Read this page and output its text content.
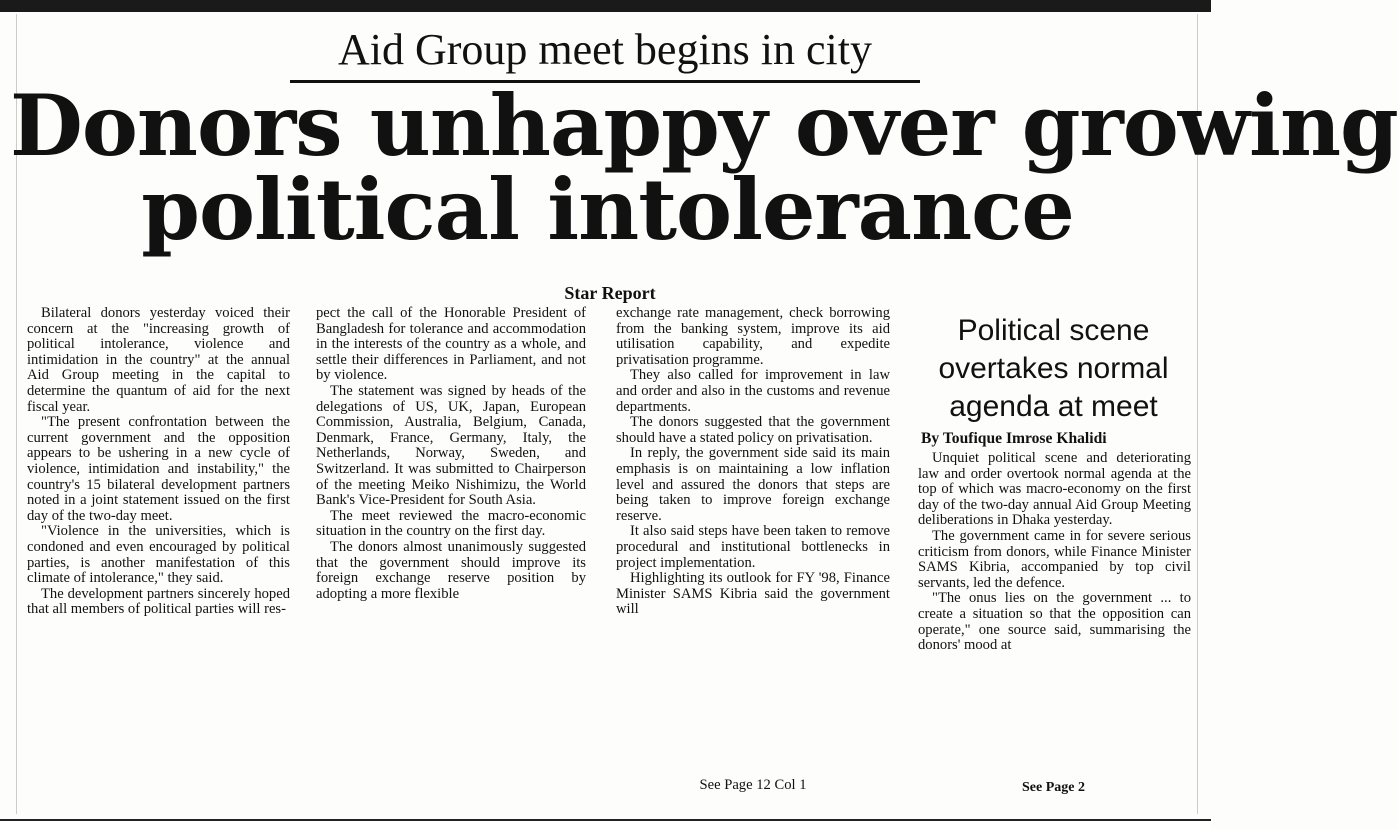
Aid Group meet begins in city
Donors unhappy over growing
political intolerance
Star Report

Bilateral donors yesterday voiced their concern at the "increasing growth of political intolerance, violence and intimidation in the country" at the annual Aid Group meeting in the capital to determine the quantum of aid for the next fiscal year.

"The present confrontation between the current government and the opposition appears to be ushering in a new cycle of violence, intimidation and instability," the country's 15 bilateral development partners noted in a joint statement issued on the first day of the two-day meet.

"Violence in the universities, which is condoned and even encouraged by political parties, is another manifestation of this climate of intolerance," they said.

The development partners sincerely hoped that all members of political parties will res-

pect the call of the Honorable President of Bangladesh for tolerance and accommodation in the interests of the country as a whole, and settle their differences in Parliament, and not by violence.

The statement was signed by heads of the delegations of US, UK, Japan, European Commission, Australia, Belgium, Canada, Denmark, France, Germany, Italy, the Netherlands, Norway, Sweden, and Switzerland. It was submitted to Chairperson of the meeting Meiko Nishimizu, the World Bank's Vice-President for South Asia.

The meet reviewed the macro-economic situation in the country on the first day.

The donors almost unanimously suggested that the government should improve its foreign exchange reserve position by adopting a more flexible

exchange rate management, check borrowing from the banking system, improve its aid utilisation capability, and expedite privatisation programme.

They also called for improvement in law and order and also in the customs and revenue departments.

The donors suggested that the government should have a stated policy on privatisation.

In reply, the government side said its main emphasis is on maintaining a low inflation level and assured the donors that steps are being taken to improve foreign exchange reserve.

It also said steps have been taken to remove procedural and institutional bottlenecks in project implementation.

Highlighting its outlook for FY '98, Finance Minister SAMS Kibria said the government will

See Page 12 Col 1
Political scene
overtakes normal
agenda at meet
By Toufique Imrose Khalidi

Unquiet political scene and deteriorating law and order overtook normal agenda at the top of which was macro-economy on the first day of the two-day annual Aid Group Meeting deliberations in Dhaka yesterday.

The government came in for severe serious criticism from donors, while Finance Minister SAMS Kibria, accompanied by top civil servants, led the defence.

"The onus lies on the government ... to create a situation so that the opposition can operate," one source said, summarising the donors' mood at

See Page 2
